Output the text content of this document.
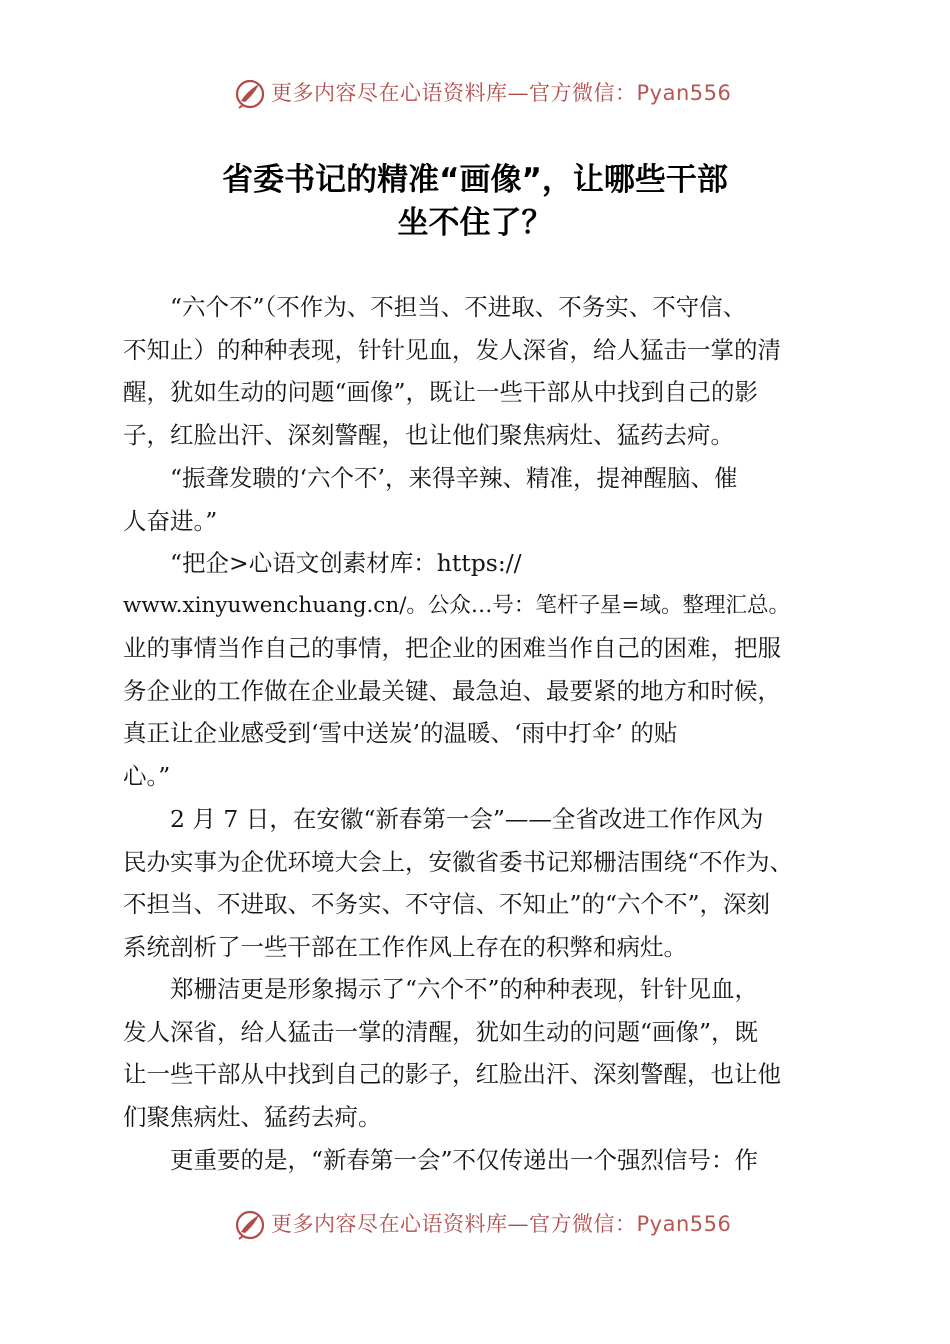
更多内容尽在心语资料库—官方微信：Pyan556
省委书记的精准“画像”，让哪些干部
坐不住了？
　　“六个不”（不作为、不担当、不进取、不务实、不守信、
不知止）的种种表现，针针见血，发人深省，给人猛击一掌的清
醒，犹如生动的问题“画像”，既让一些干部从中找到自己的影
子，红脸出汗、深刻警醒，也让他们聚焦病灶、猛药去疴。
　　“振聋发聩的‘六个不’，来得辛辣、精准，提神醒脑、催
人奋进。”
　　“把企>心语文创素材库：https://
www.xinyuwenchuang.cn/。公众…号：笔杆子星=域。整理汇总。
业的事情当作自己的事情，把企业的困难当作自己的困难，把服
务企业的工作做在企业最关键、最急迫、最要紧的地方和时候，
真正让企业感受到‘雪中送炭’的温暖、‘雨中打伞’ 的贴
心。”
　　2 月 7 日，在安徽“新春第一会”——全省改进工作作风为
民办实事为企优环境大会上，安徽省委书记郑栅洁围绕“不作为、
不担当、不进取、不务实、不守信、不知止”的“六个不”，深刻
系统剖析了一些干部在工作作风上存在的积弊和病灶。
　　郑栅洁更是形象揭示了“六个不”的种种表现，针针见血，
发人深省，给人猛击一掌的清醒，犹如生动的问题“画像”，既
让一些干部从中找到自己的影子，红脸出汗、深刻警醒，也让他
们聚焦病灶、猛药去疴。
　　更重要的是，“新春第一会”不仅传递出一个强烈信号：作
更多内容尽在心语资料库—官方微信：Pyan556
